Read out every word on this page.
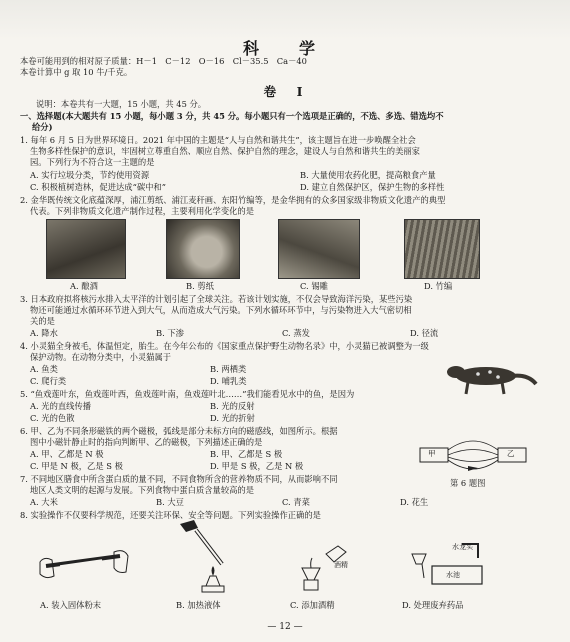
科　学
本卷可能用到的相对原子质量：H－1　C－12　O－16　Cl－35.5　Ca－40
本卷计算中 g 取 10 牛/千克。
卷　Ⅰ
说明：本卷共有一大题，15 小题，共 45 分。
一、选择题(本大题共有 15 小题，每小题 3 分，共 45 分。每小题只有一个选项是正确的，不选、多选、错选均不
给分)
1. 每年 6 月 5 日为世界环境日。2021 年中国的主题是“人与自然和谐共生”，该主题旨在进一步唤醒全社会
生物多样性保护的意识，牢固树立尊重自然、顺应自然、保护自然的理念，建设人与自然和谐共生的美丽家
园。下列行为不符合这一主题的是
A. 实行垃圾分类，节约使用资源	B. 大量使用农药化肥，提高粮食产量
C. 积极植树造林，促进达成“碳中和”	D. 建立自然保护区，保护生物的多样性
2. 金华既传统文化底蕴深厚，浦江剪纸、浦江麦秆画、东阳竹编等，是金华拥有的众多国家级非物质文化遗产的典型
代表。下列非物质文化遗产制作过程，主要利用化学变化的是
A. 酿酒	B. 剪纸	C. 锡雕	D. 竹编
3. 日本政府拟将核污水排入太平洋的计划引起了全球关注。若该计划实施，不仅会导致海洋污染，某些污染
物还可能通过水循环环节进入到大气，从而造成大气污染。下列水循环环节中，与污染物进入大气密切相
关的是
A. 降水	B. 下渗	C. 蒸发	D. 径流
4. 小灵猫全身被毛，体温恒定，胎生。在今年公布的《国家重点保护野生动物名录》中，小灵猫已被调整为一级
保护动物。在动物分类中，小灵猫属于
A. 鱼类	B. 两栖类
C. 爬行类	D. 哺乳类
5. “鱼戏莲叶东，鱼戏莲叶西，鱼戏莲叶南，鱼戏莲叶北……”我们能看见水中的鱼，是因为
A. 光的直线传播	B. 光的反射
C. 光的色散	D. 光的折射
6. 甲、乙为不同条形磁铁的两个磁极，弧线是部分未标方向的磁感线，如图所示。根据
图中小磁针静止时的指向判断甲、乙的磁极，下列描述正确的是
A. 甲、乙都是 N 极	B. 甲、乙都是 S 极
C. 甲是 N 极，乙是 S 极	D. 甲是 S 极，乙是 N 极
甲	乙
第 6 题图
7. 不同地区膳食中所含蛋白质的量不同，不同食物所含的营养物质不同，从而影响不同
地区人类文明的起源与发展。下列食物中蛋白质含量较高的是
A. 大米	B. 大豆	C. 青菜	D. 花生
8. 实验操作不仅要科学规范，还要关注环保、安全等问题。下列实验操作正确的是
酒精
水龙头
水池
A. 装入固体粉末	B. 加热液体	C. 添加酒精	D. 处理废弃药品
— 12 —
